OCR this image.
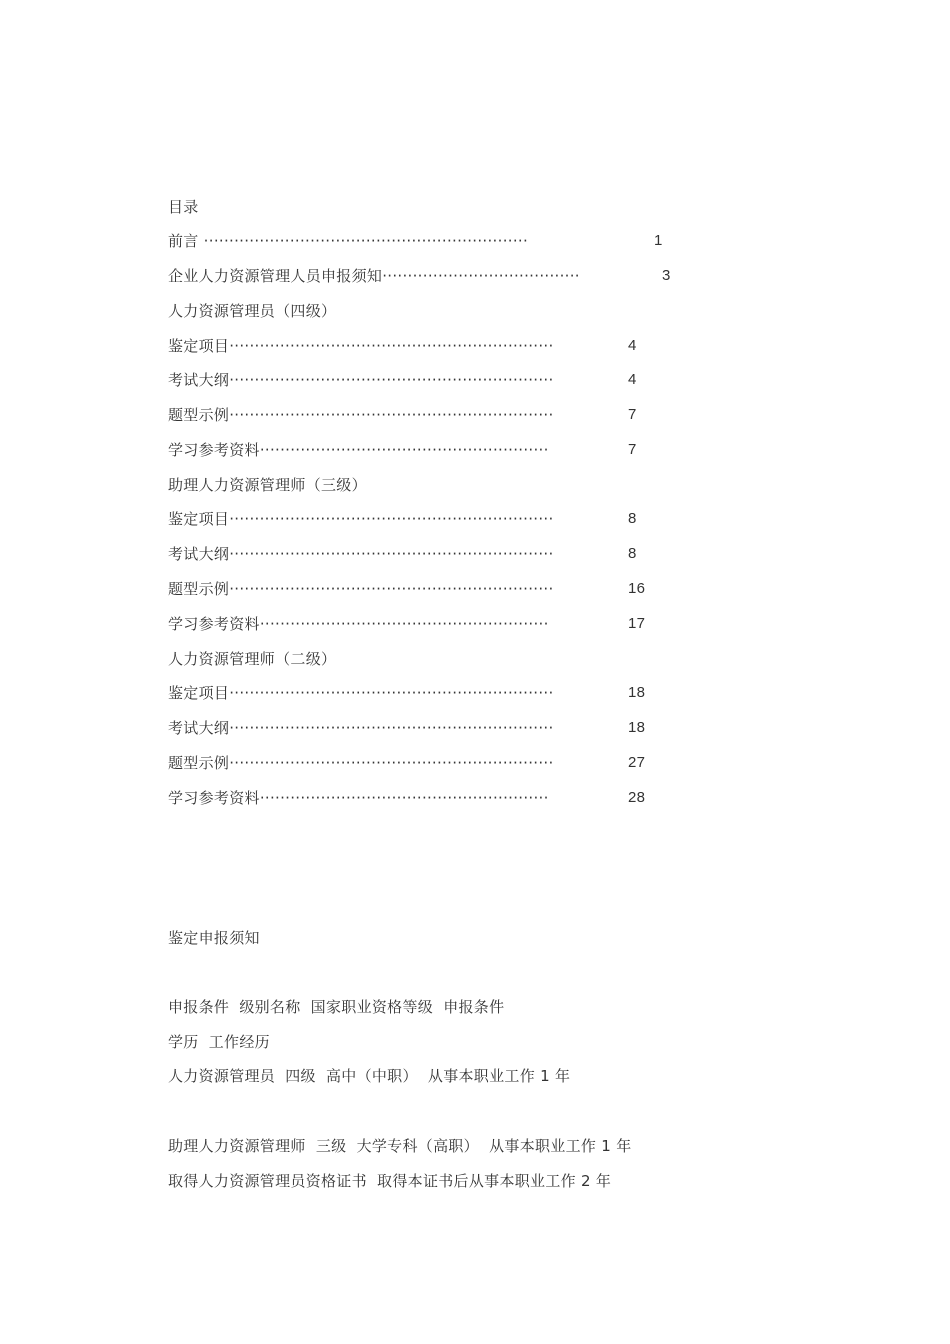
目录
前言 ································································	1
企业人力资源管理人员申报须知·······································	3
人力资源管理员（四级）
鉴定项目································································	4
考试大纲································································	4
题型示例································································	7
学习参考资料·························································	7
助理人力资源管理师（三级）
鉴定项目································································	8
考试大纲································································	8
题型示例································································	16
学习参考资料·························································	17
人力资源管理师（二级）
鉴定项目································································	18
考试大纲································································	18
题型示例································································	27
学习参考资料·························································	28
鉴定申报须知
申报条件  级别名称  国家职业资格等级  申报条件
学历  工作经历
人力资源管理员  四级  高中（中职）  从事本职业工作 1 年
助理人力资源管理师  三级  大学专科（高职）  从事本职业工作 1 年
取得人力资源管理员资格证书  取得本证书后从事本职业工作 2 年
